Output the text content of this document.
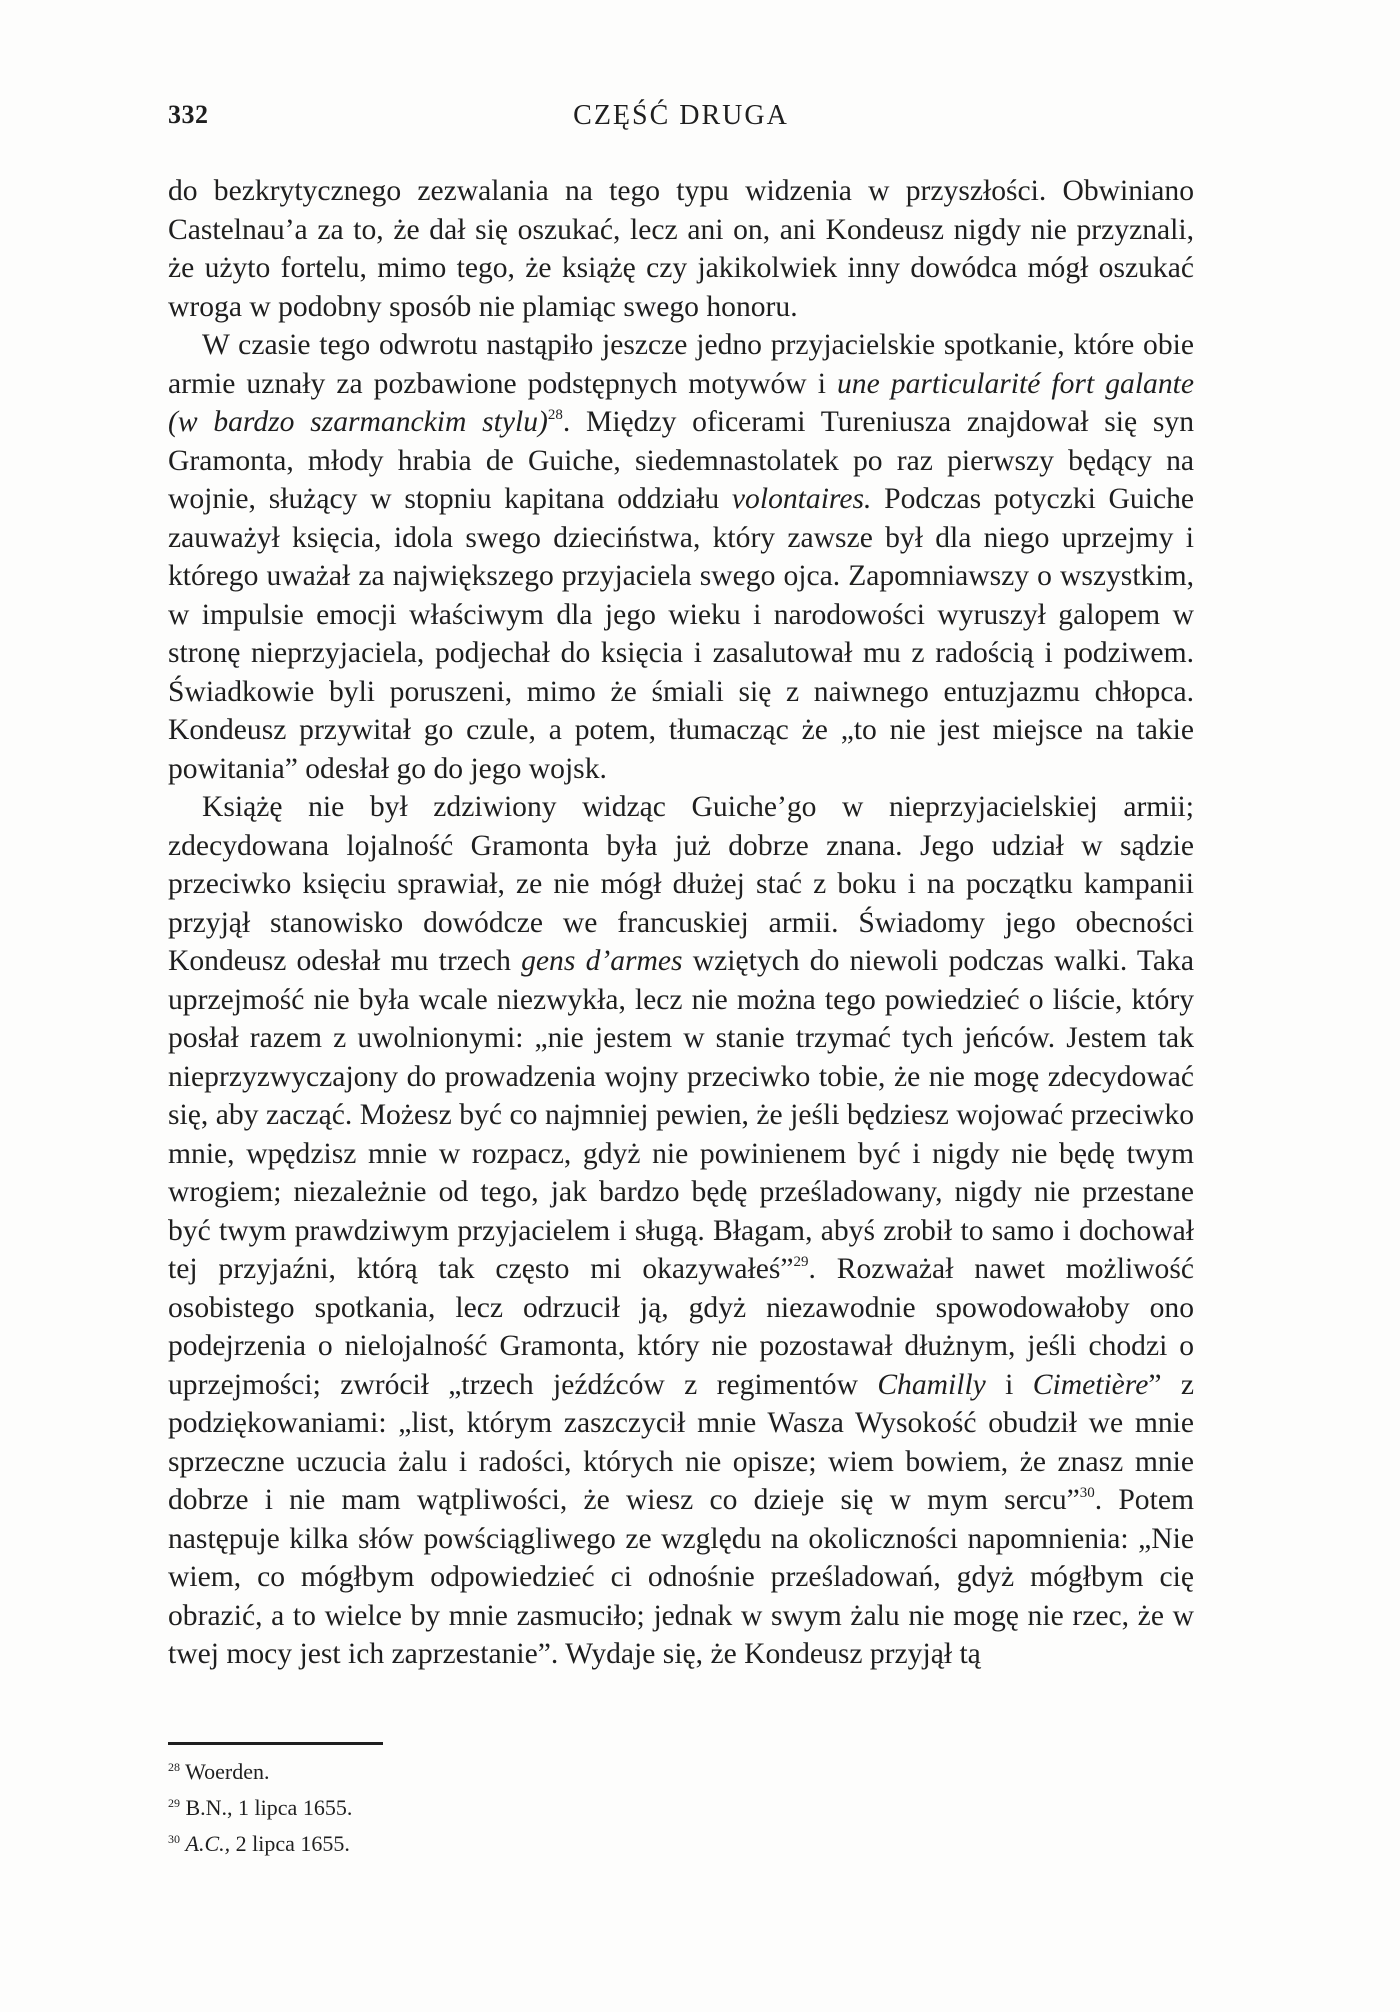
332	CZĘŚĆ DRUGA

do bezkrytycznego zezwalania na tego typu widzenia w przyszłości. Obwiniano Castelnau’a za to, że dał się oszukać, lecz ani on, ani Kondeusz nigdy nie przyznali, że użyto fortelu, mimo tego, że książę czy jakikolwiek inny dowódca mógł oszukać wroga w podobny sposób nie plamiąc swego honoru.

W czasie tego odwrotu nastąpiło jeszcze jedno przyjacielskie spotkanie, które obie armie uznały za pozbawione podstępnych motywów i une particularité fort galante (w bardzo szarmanckim stylu)$^{28}$. Między oficerami Tureniusza znajdował się syn Gramonta, młody hrabia de Guiche, siedemnastolatek po raz pierwszy będący na wojnie, służący w stopniu kapitana oddziału volontaires. Podczas potyczki Guiche zauważył księcia, idola swego dzieciństwa, który zawsze był dla niego uprzejmy i którego uważał za największego przyjaciela swego ojca. Zapomniawszy o wszystkim, w impulsie emocji właściwym dla jego wieku i narodowości wyruszył galopem w stronę nieprzyjaciela, podjechał do księcia i zasalutował mu z radością i podziwem. Świadkowie byli poruszeni, mimo że śmiali się z naiwnego entuzjazmu chłopca. Kondeusz przywitał go czule, a potem, tłumacząc że „to nie jest miejsce na takie powitania” odesłał go do jego wojsk.

Książę nie był zdziwiony widząc Guiche’go w nieprzyjacielskiej armii; zdecydowana lojalność Gramonta była już dobrze znana. Jego udział w sądzie przeciwko księciu sprawiał, ze nie mógł dłużej stać z boku i na początku kampanii przyjął stanowisko dowódcze we francuskiej armii. Świadomy jego obecności Kondeusz odesłał mu trzech gens d’armes wziętych do niewoli podczas walki. Taka uprzejmość nie była wcale niezwykła, lecz nie można tego powiedzieć o liście, który posłał razem z uwolnionymi: „nie jestem w stanie trzymać tych jeńców. Jestem tak nieprzyzwyczajony do prowadzenia wojny przeciwko tobie, że nie mogę zdecydować się, aby zacząć. Możesz być co najmniej pewien, że jeśli będziesz wojować przeciwko mnie, wpędzisz mnie w rozpacz, gdyż nie powinienem być i nigdy nie będę twym wrogiem; niezależnie od tego, jak bardzo będę prześladowany, nigdy nie przestane być twym prawdziwym przyjacielem i sługą. Błagam, abyś zrobił to samo i dochował tej przyjaźni, którą tak często mi okazywałeś”$^{29}$. Rozważał nawet możliwość osobistego spotkania, lecz odrzucił ją, gdyż niezawodnie spowodowałoby ono podejrzenia o nielojalność Gramonta, który nie pozostawał dłużnym, jeśli chodzi o uprzejmości; zwrócił „trzech jeźdźców z regimentów Chamilly i Cimetière” z podziękowaniami: „list, którym zaszczycił mnie Wasza Wysokość obudził we mnie sprzeczne uczucia żalu i radości, których nie opisze; wiem bowiem, że znasz mnie dobrze i nie mam wątpliwości, że wiesz co dzieje się w mym sercu”$^{30}$. Potem następuje kilka słów powściągliwego ze względu na okoliczności napomnienia: „Nie wiem, co mógłbym odpowiedzieć ci odnośnie prześladowań, gdyż mógłbym cię obrazić, a to wielce by mnie zasmuciło; jednak w swym żalu nie mogę nie rzec, że w twej mocy jest ich zaprzestanie”. Wydaje się, że Kondeusz przyjął tą

$^{28}$ Woerden.
$^{29}$ B.N., 1 lipca 1655.
$^{30}$ A.C., 2 lipca 1655.
